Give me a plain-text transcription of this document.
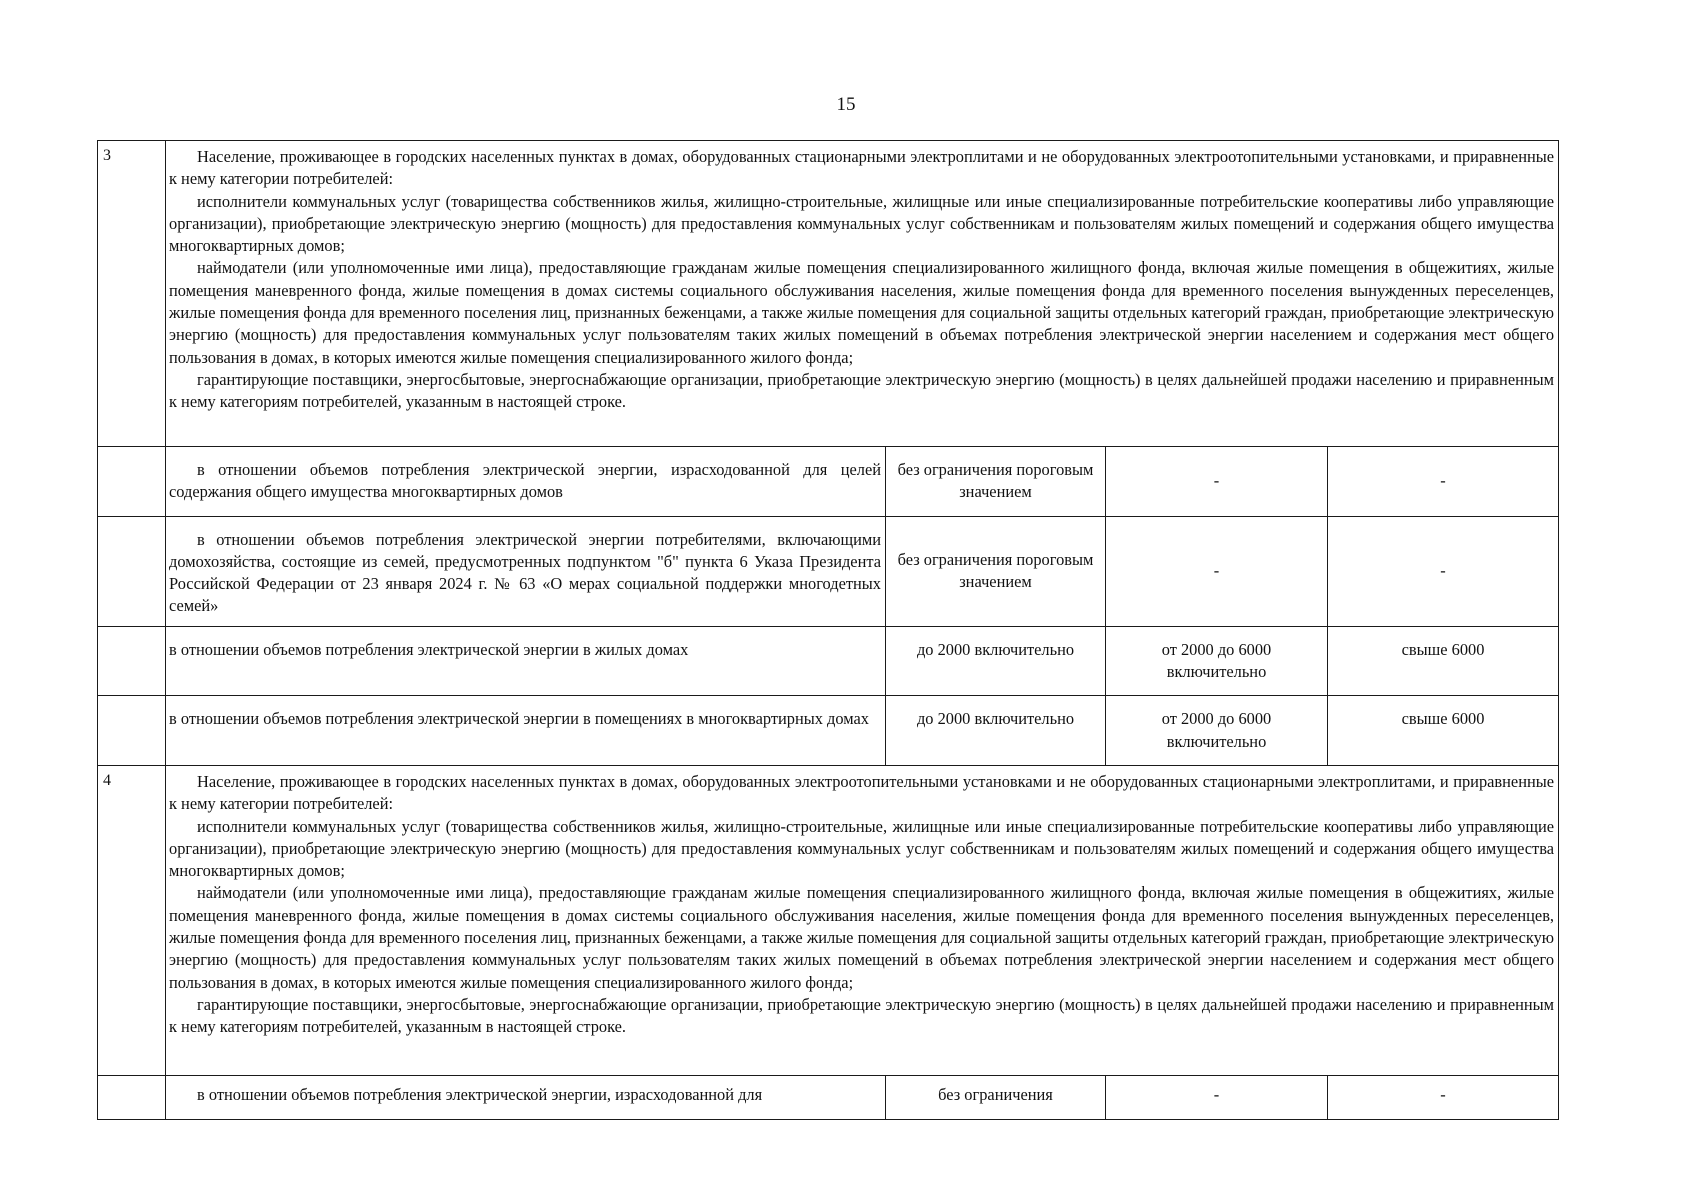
15
3	Население, проживающее в городских населенных пунктах в домах, оборудованных стационарными электроплитами и не оборудованных электроотопительными установками, и приравненные к нему категории потребителей:

исполнители коммунальных услуг (товарищества собственников жилья, жилищно-строительные, жилищные или иные специализированные потребительские кооперативы либо управляющие организации), приобретающие электрическую энергию (мощность) для предоставления коммунальных услуг собственникам и пользователям жилых помещений и содержания общего имущества многоквартирных домов;

наймодатели (или уполномоченные ими лица), предоставляющие гражданам жилые помещения специализированного жилищного фонда, включая жилые помещения в общежитиях, жилые помещения маневренного фонда, жилые помещения в домах системы социального обслуживания населения, жилые помещения фонда для временного поселения вынужденных переселенцев, жилые помещения фонда для временного поселения лиц, признанных беженцами, а также жилые помещения для социальной защиты отдельных категорий граждан, приобретающие электрическую энергию (мощность) для предоставления коммунальных услуг пользователям таких жилых помещений в объемах потребления электрической энергии населением и содержания мест общего пользования в домах, в которых имеются жилые помещения специализированного жилого фонда;

гарантирующие поставщики, энергосбытовые, энергоснабжающие организации, приобретающие электрическую энергию (мощность) в целях дальнейшей продажи населению и приравненным к нему категориям потребителей, указанным в настоящей строке.			

	в отношении объемов потребления электрической энергии, израсходованной для целей содержания общего имущества многоквартирных домов	без ограничения пороговым значением	-	-
	в отношении объемов потребления электрической энергии потребителями, включающими домохозяйства, состоящие из семей, предусмотренных подпунктом "б" пункта 6 Указа Президента Российской Федерации от 23 января 2024 г. № 63 «О мерах социальной поддержки многодетных семей»	без ограничения пороговым значением	-	-
	в отношении объемов потребления электрической энергии в жилых домах	до 2000 включительно	от 2000 до 6000 включительно	свыше 6000
	в отношении объемов потребления электрической энергии в помещениях в многоквартирных домах	до 2000 включительно	от 2000 до 6000 включительно	свыше 6000
4	Население, проживающее в городских населенных пунктах в домах, оборудованных электроотопительными установками и не оборудованных стационарными электроплитами, и приравненные к нему категории потребителей:

исполнители коммунальных услуг (товарищества собственников жилья, жилищно-строительные, жилищные или иные специализированные потребительские кооперативы либо управляющие организации), приобретающие электрическую энергию (мощность) для предоставления коммунальных услуг собственникам и пользователям жилых помещений и содержания общего имущества многоквартирных домов;

наймодатели (или уполномоченные ими лица), предоставляющие гражданам жилые помещения специализированного жилищного фонда, включая жилые помещения в общежитиях, жилые помещения маневренного фонда, жилые помещения в домах системы социального обслуживания населения, жилые помещения фонда для временного поселения вынужденных переселенцев, жилые помещения фонда для временного поселения лиц, признанных беженцами, а также жилые помещения для социальной защиты отдельных категорий граждан, приобретающие электрическую энергию (мощность) для предоставления коммунальных услуг пользователям таких жилых помещений в объемах потребления электрической энергии населением и содержания мест общего пользования в домах, в которых имеются жилые помещения специализированного жилого фонда;

гарантирующие поставщики, энергосбытовые, энергоснабжающие организации, приобретающие электрическую энергию (мощность) в целях дальнейшей продажи населению и приравненным к нему категориям потребителей, указанным в настоящей строке.			

	в отношении объемов потребления электрической энергии, израсходованной для	без ограничения	-	-
